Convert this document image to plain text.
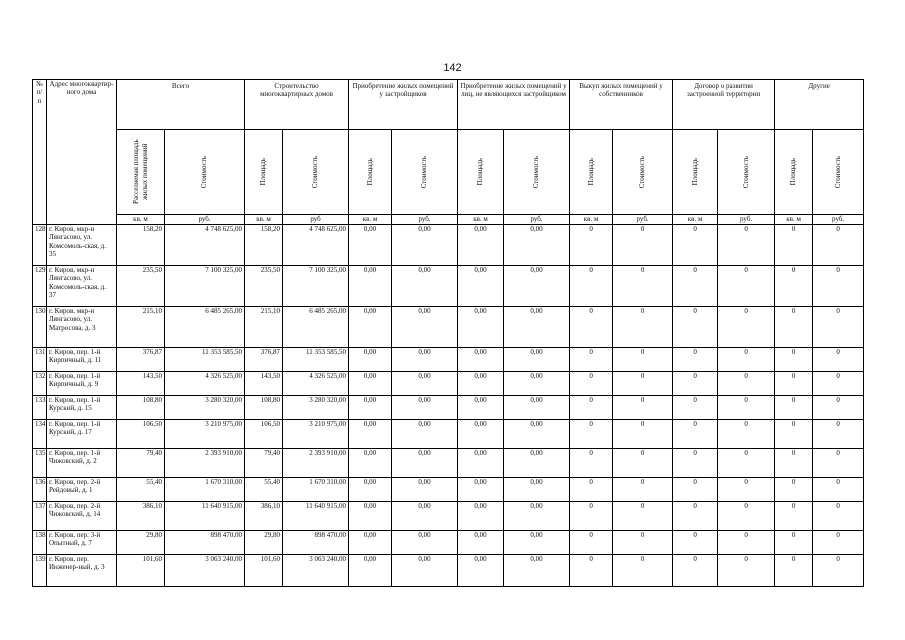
142
№ п/п	Адрес многоквартир-ного дома	Всего		Строительство многоквартирных домов		Приобретение жилых помещений у застройщиков		Приобретение жилых помещений у лиц, не являющихся застройщиком		Выкуп жилых помещений у собственников		Договор о развитии застроенной территории		Другие	

		Расселяемая площадь жилых помещений	Стоимость	Площадь	Стоимость	Площадь	Стоимость	Площадь	Стоимость	Площадь	Стоимость	Площадь	Стоимость	Площадь	Стоимость

		кв. м	руб.	кв. м	руб	кв. м	руб.	кв. м	руб.	кв. м	руб.	кв. м	руб.	кв. м	руб.
128	г. Киров, мкр-н Лянгасово, ул. Комсомоль-ская, д. 35	158,20	4 748 625,00	158,20	4 748 625,00	0,00	0,00	0,00	0,00	0	0	0	0	0	0
129	г. Киров, мкр-н Лянгасово, ул. Комсомоль-ская, д. 37	235,50	7 100 325,00	235,50	7 100 325,00	0,00	0,00	0,00	0,00	0	0	0	0	0	0
130	г. Киров, мкр-н Лянгасово, ул. Матросова, д. 3	215,10	6 485 265,00	215,10	6 485 265,00	0,00	0,00	0,00	0,00	0	0	0	0	0	0
131	г. Киров, пер. 1-й Кирпичный, д. 11	376,87	11 353 585,50	376,87	11 353 585,50	0,00	0,00	0,00	0,00	0	0	0	0	0	0
132	г. Киров, пер. 1-й Кирпичный, д. 9	143,50	4 326 525,00	143,50	4 326 525,00	0,00	0,00	0,00	0,00	0	0	0	0	0	0
133	г. Киров, пер. 1-й Курский, д. 15	108,80	3 280 320,00	108,80	3 280 320,00	0,00	0,00	0,00	0,00	0	0	0	0	0	0
134	г. Киров, пер. 1-й Курский, д. 17	106,50	3 210 975,00	106,50	3 210 975,00	0,00	0,00	0,00	0,00	0	0	0	0	0	0
135	г. Киров, пер. 1-й Чижовский, д. 2	79,40	2 393 910,00	79,40	2 393 910,00	0,00	0,00	0,00	0,00	0	0	0	0	0	0
136	г. Киров, пер. 2-й Рейдовый, д. 1	55,40	1 670 310,00	55,40	1 670 310,00	0,00	0,00	0,00	0,00	0	0	0	0	0	0
137	г. Киров, пер. 2-й Чижовский, д. 14	386,10	11 640 915,00	386,10	11 640 915,00	0,00	0,00	0,00	0,00	0	0	0	0	0	0
138	г. Киров, пер. 3-й Опытный, д. 7	29,80	898 470,00	29,80	898 470,00	0,00	0,00	0,00	0,00	0	0	0	0	0	0
139	г. Киров, пер. Инженер-ный, д. 3	101,60	3 063 240,00	101,60	3 063 240,00	0,00	0,00	0,00	0,00	0	0	0	0	0	0
